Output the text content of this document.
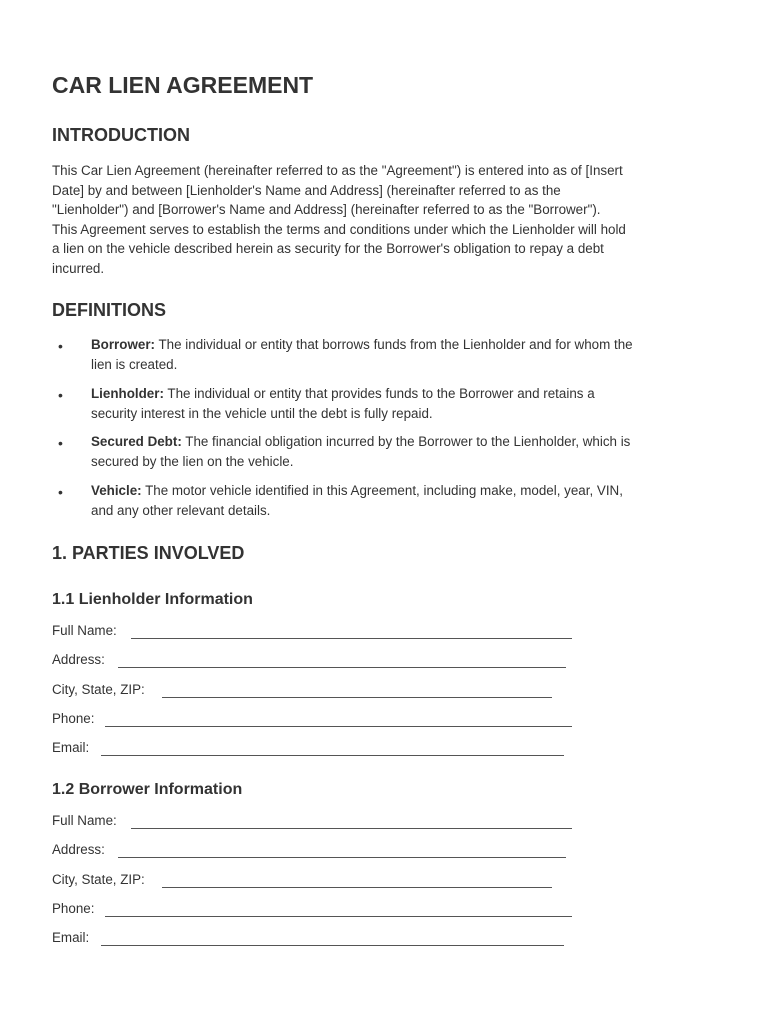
CAR LIEN AGREEMENT
INTRODUCTION
This Car Lien Agreement (hereinafter referred to as the "Agreement") is entered into as of [Insert
Date] by and between [Lienholder's Name and Address] (hereinafter referred to as the
"Lienholder") and [Borrower's Name and Address] (hereinafter referred to as the "Borrower").
This Agreement serves to establish the terms and conditions under which the Lienholder will hold
a lien on the vehicle described herein as security for the Borrower's obligation to repay a debt
incurred.
DEFINITIONS
• Borrower: The individual or entity that borrows funds from the Lienholder and for whom the
lien is created.
• Lienholder: The individual or entity that provides funds to the Borrower and retains a
security interest in the vehicle until the debt is fully repaid.
• Secured Debt: The financial obligation incurred by the Borrower to the Lienholder, which is
secured by the lien on the vehicle.
• Vehicle: The motor vehicle identified in this Agreement, including make, model, year, VIN,
and any other relevant details.
1. PARTIES INVOLVED
1.1 Lienholder Information
Full Name:
Address:
City, State, ZIP:
Phone:
Email:
1.2 Borrower Information
Full Name:
Address:
City, State, ZIP:
Phone:
Email:
